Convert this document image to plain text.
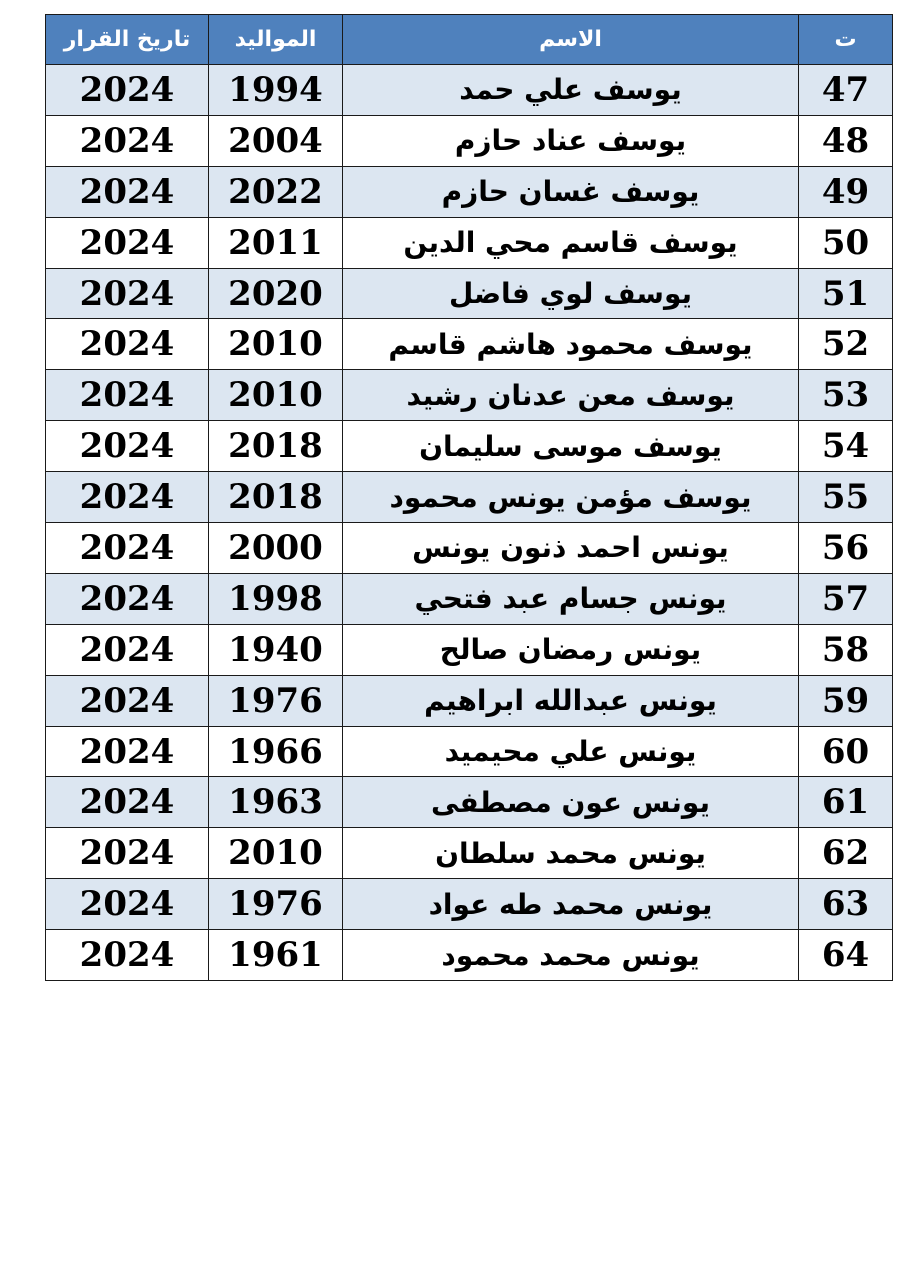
ت	الاسم	المواليد	تاريخ القرار
47	يوسف علي حمد	1994	2024
48	يوسف عناد حازم	2004	2024
49	يوسف غسان حازم	2022	2024
50	يوسف قاسم محي الدين	2011	2024
51	يوسف لوي فاضل	2020	2024
52	يوسف محمود هاشم قاسم	2010	2024
53	يوسف معن عدنان رشيد	2010	2024
54	يوسف موسى سليمان	2018	2024
55	يوسف مؤمن يونس محمود	2018	2024
56	يونس احمد ذنون يونس	2000	2024
57	يونس جسام عبد فتحي	1998	2024
58	يونس رمضان صالح	1940	2024
59	يونس عبدالله ابراهيم	1976	2024
60	يونس علي محيميد	1966	2024
61	يونس عون مصطفى	1963	2024
62	يونس محمد سلطان	2010	2024
63	يونس محمد طه عواد	1976	2024
64	يونس محمد محمود	1961	2024
